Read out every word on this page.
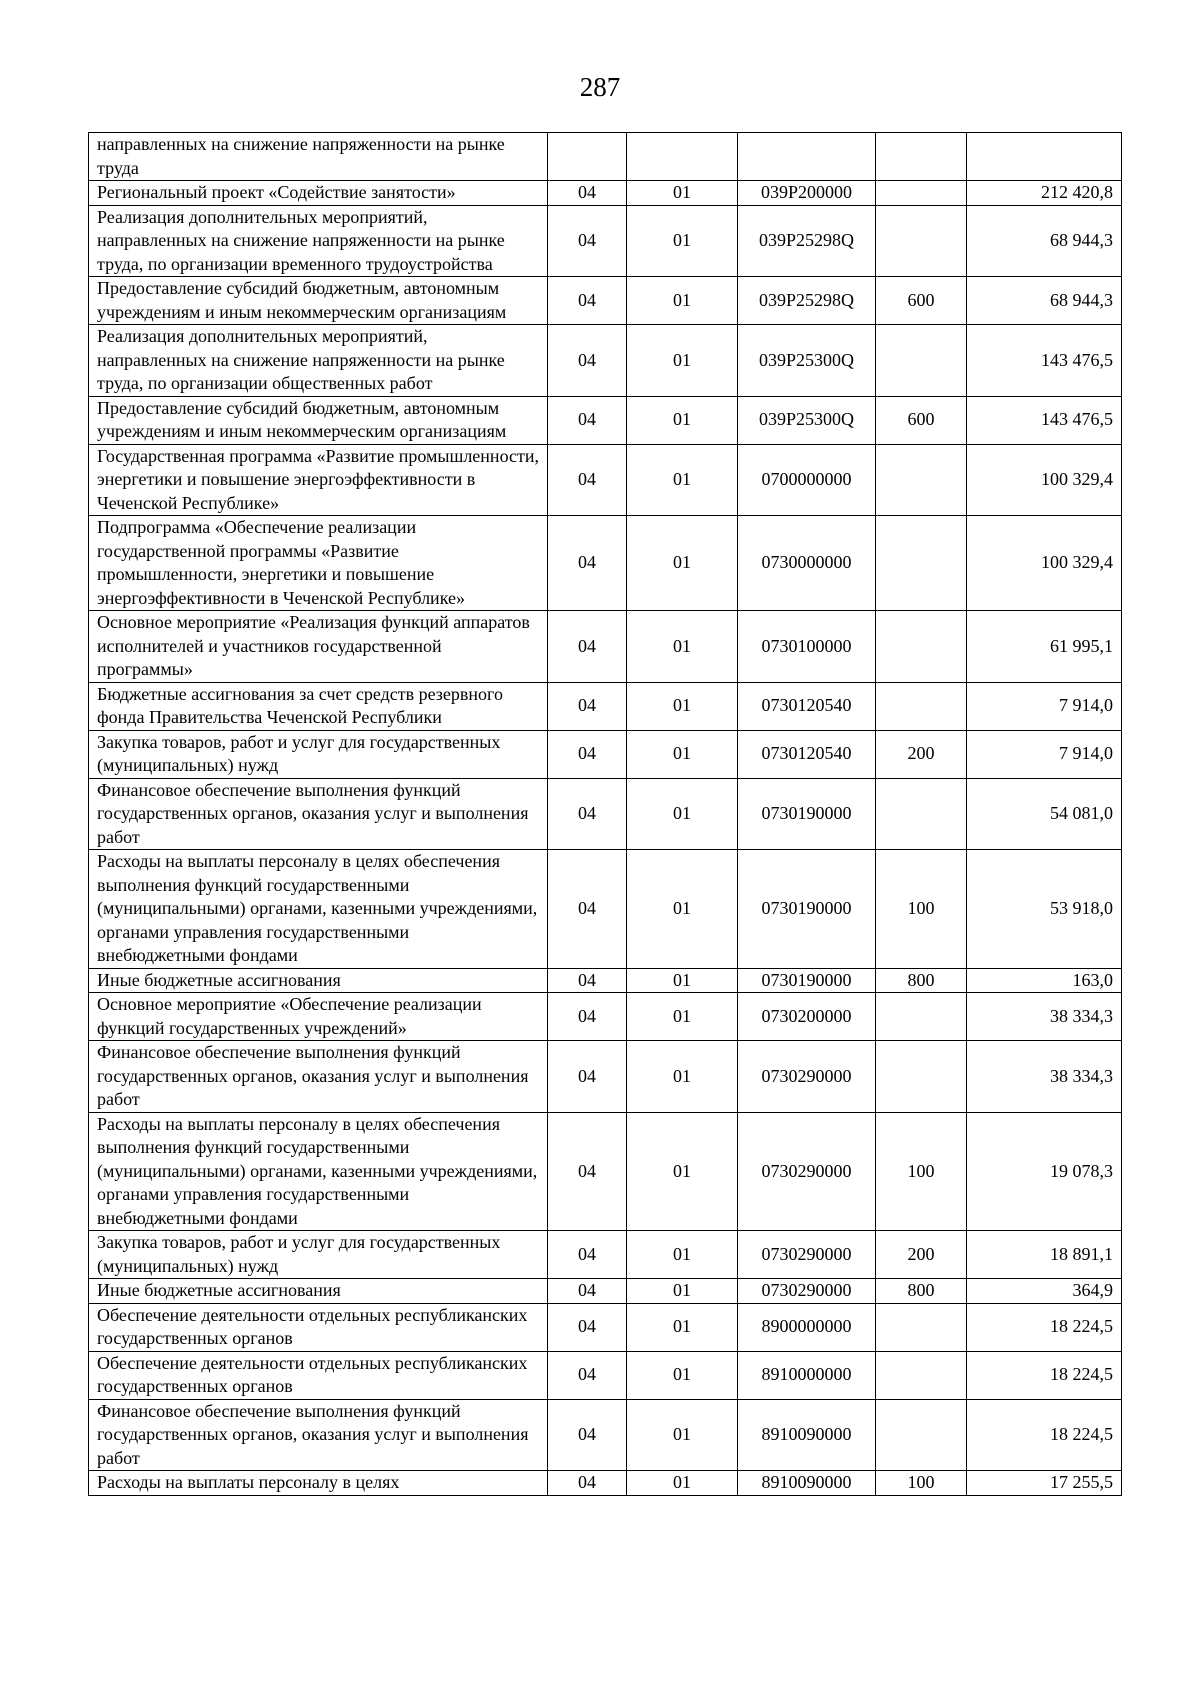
287
направленных на снижение напряженности на рынке труда					
Региональный проект «Содействие занятости»	04	01	039P200000		212 420,8
Реализация дополнительных мероприятий, направленных на снижение напряженности на рынке труда, по организации временного трудоустройства	04	01	039P25298Q		68 944,3
Предоставление субсидий бюджетным, автономным учреждениям и иным некоммерческим организациям	04	01	039P25298Q	600	68 944,3
Реализация дополнительных мероприятий, направленных на снижение напряженности на рынке труда, по организации общественных работ	04	01	039P25300Q		143 476,5
Предоставление субсидий бюджетным, автономным учреждениям и иным некоммерческим организациям	04	01	039P25300Q	600	143 476,5
Государственная программа «Развитие промышленности, энергетики и повышение энергоэффективности в Чеченской Республике»	04	01	0700000000		100 329,4
Подпрограмма «Обеспечение реализации государственной программы «Развитие промышленности, энергетики и повышение энергоэффективности в Чеченской Республике»	04	01	0730000000		100 329,4
Основное мероприятие «Реализация функций аппаратов исполнителей и участников государственной программы»	04	01	0730100000		61 995,1
Бюджетные ассигнования за счет средств резервного фонда Правительства Чеченской Республики	04	01	0730120540		7 914,0
Закупка товаров, работ и услуг для государственных (муниципальных) нужд	04	01	0730120540	200	7 914,0
Финансовое обеспечение выполнения функций государственных органов, оказания услуг и выполнения работ	04	01	0730190000		54 081,0
Расходы на выплаты персоналу в целях обеспечения выполнения функций государственными (муниципальными) органами, казенными учреждениями, органами управления государственными внебюджетными фондами	04	01	0730190000	100	53 918,0
Иные бюджетные ассигнования	04	01	0730190000	800	163,0
Основное мероприятие «Обеспечение реализации функций государственных учреждений»	04	01	0730200000		38 334,3
Финансовое обеспечение выполнения функций государственных органов, оказания услуг и выполнения работ	04	01	0730290000		38 334,3
Расходы на выплаты персоналу в целях обеспечения выполнения функций государственными (муниципальными) органами, казенными учреждениями, органами управления государственными внебюджетными фондами	04	01	0730290000	100	19 078,3
Закупка товаров, работ и услуг для государственных (муниципальных) нужд	04	01	0730290000	200	18 891,1
Иные бюджетные ассигнования	04	01	0730290000	800	364,9
Обеспечение деятельности отдельных республиканских государственных органов	04	01	8900000000		18 224,5
Обеспечение деятельности отдельных республиканских государственных органов	04	01	8910000000		18 224,5
Финансовое обеспечение выполнения функций государственных органов, оказания услуг и выполнения работ	04	01	8910090000		18 224,5
Расходы на выплаты персоналу в целях	04	01	8910090000	100	17 255,5
